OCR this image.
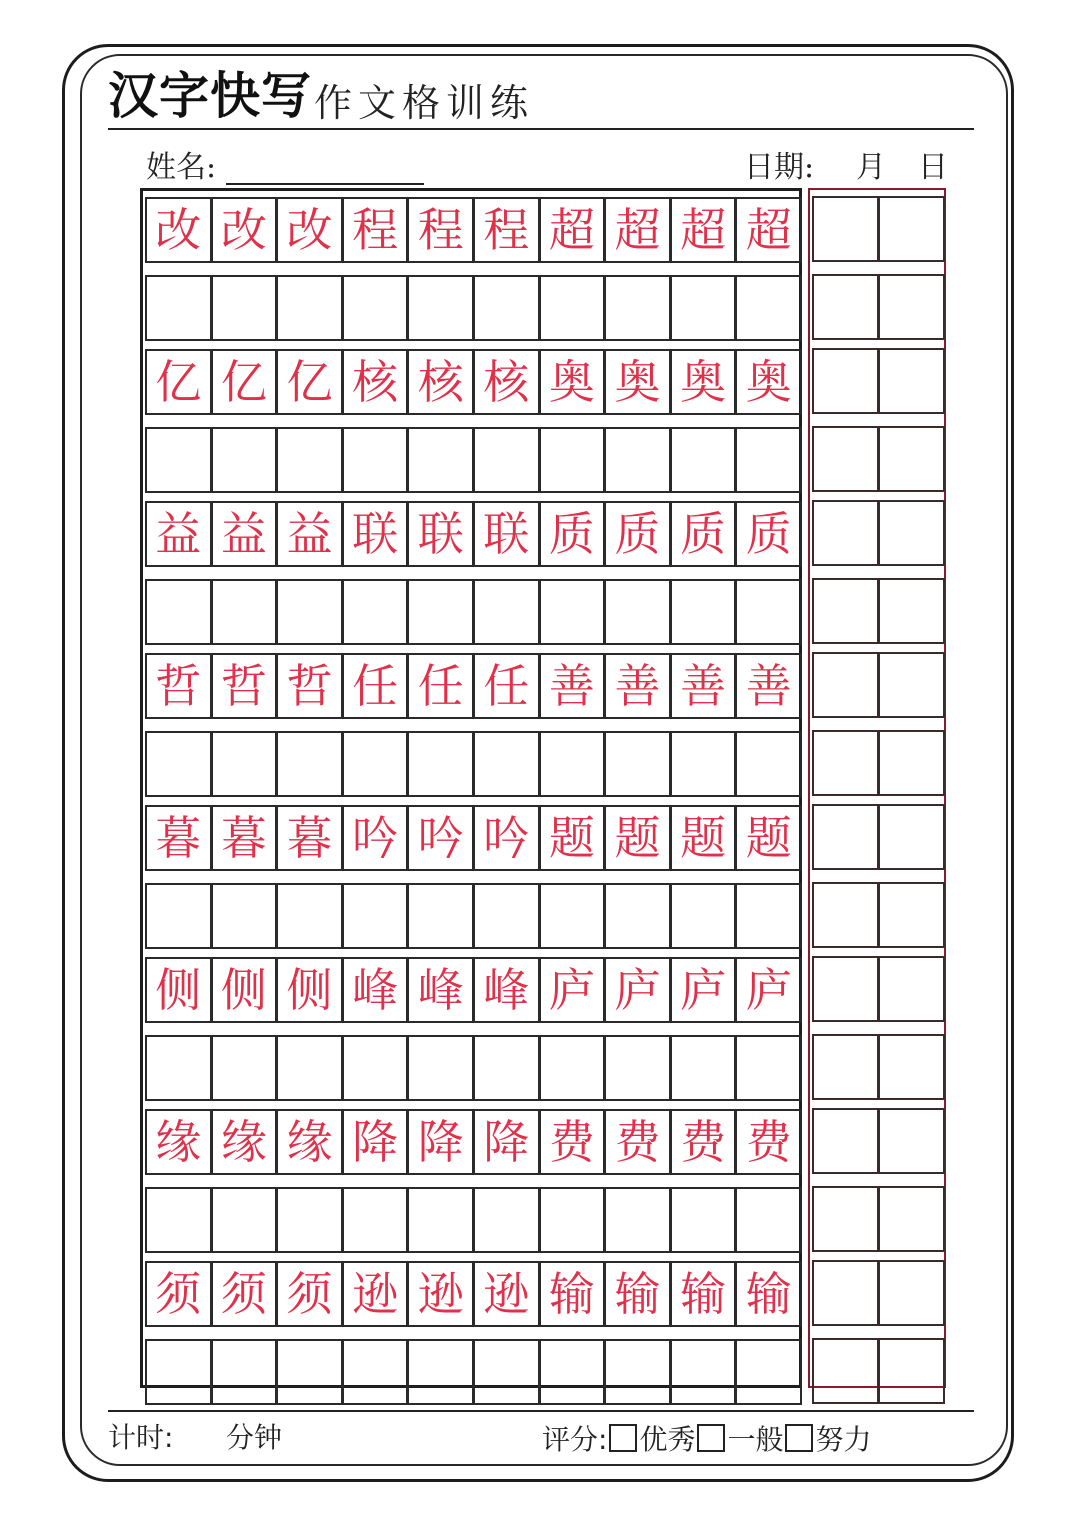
汉字快写 作文格训练
姓名:	日期: 月 日
改 改 改 程 程 程 超 超 超 超
亿 亿 亿 核 核 核 奥 奥 奥 奥
益 益 益 联 联 联 质 质 质 质
哲 哲 哲 任 任 任 善 善 善 善
暮 暮 暮 吟 吟 吟 题 题 题 题
侧 侧 侧 峰 峰 峰 庐 庐 庐 庐
缘 缘 缘 降 降 降 费 费 费 费
须 须 须 逊 逊 逊 输 输 输 输
计时: 分钟	评分: 优秀 一般 努力
